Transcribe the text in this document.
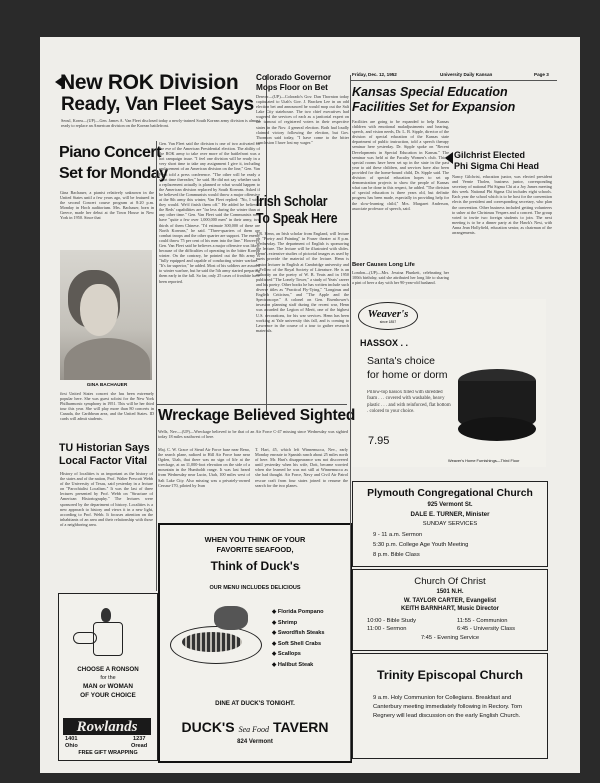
Friday, Dec. 12, 1952	University Daily Kansan	Page 3
New ROK Division
Ready, Van Fleet Says
Seoul, Korea—(UP)—Gen. James A. Van Fleet disclosed today a newly-trained South Korean army division is almost ready to replace an American division on the Korean battlefront.
Gen. Van Fleet said the division is one of two activated on the eve of the American Presidential election. The ability of the ROK army to take over more of the battlefront was a hot campaign issue. "I feel one division will be ready in a very short time to take any assignment I give it, including replacement of an American division on the line," Gen. Van Fleet told a press conference. "The other will be ready a short time thereafter," he said. He did not say whether such a replacement actually is planned or what would happen to the American division replaced by South Koreans. Asked if he believed the Communists would throw a major offensive at the 8th army this winter, Van Fleet replied: "No, I wish they would. We'd finish them off." He added he believed the Reds' capabilities are "far less during the winter than at any other time." Gen. Van Fleet said the Communists now have "quite a few over 1,000,000 men" in their army, two thirds of them Chinese. "I'd estimate 300,000 of these are North Koreans," he said. "Three-quarters of them are combat troops and the other quarter are support. The enemy could throw 75 per cent of his men into the line." However, Gen. Van Fleet said he believes a major offensive was likely because of the difficulties of operating in the bitter Korean winter. On the contrary, he pointed out the 8th army is "fully equipped and capable of conducting winter warfare." "It's far superior," he added. Most of his soldiers are assured to winter warfare, but he said the 5th army started preparing them early in the fall. So far, only 25 cases of frostbite have been reported.
Piano Concert
Set for Monday
Gina Bachauer, a pianist relatively unknown in the United States until a few years ago, will be featured in the second Concert course program at 8:20 p.m. Monday in Hoch auditorium. Mrs. Bachauer, born in Greece, made her debut at the Town House in New York in 1950. Since that
GINA BACHAUER
first United States concert she has been extremely popular here. She was guest soloist for the New York Philharmonic symphony in 1951. This will be her third tour this year. She will play more than 80 concerts in Canada, the Caribbean area, and the United States. ID cards will admit students.
TU Historian Says
Local Factor Vital
History of localities is as important as the history of the states and of the nation, Prof. Walter Prescott Webb of the University of Texas, said yesterday in a lecture on "Parochialist Localism." It was the last of three lectures presented by Prof. Webb on "Structure of American Historiography." The lectures were sponsored by the department of history. Localities is a new approach to history and views it in a new light, according to Prof. Webb. It focuses attention on the inhabitants of an area and their relationship with those of a neighboring area.
CHOOSE A RONSON
for the
MAN or WOMAN
OF YOUR CHOICE
Rowlands
1401
Ohio
1237
Oread
FREE GIFT WRAPPING
Colorado Governor
Mops Floor on Bet
Denver—(UP)—Colorado's Gov. Dan Thornton today capitulated to Utah's Gov. J. Bracken Lee in an odd election bet and announced he would mop out the Salt Lake City statehouse. The two chief executives had wagered the services of each as a janitorial expert on the turnout of registered voters in their respective states in the Nov. 4 general election. Both had loudly claimed victory following the election, but Gov. Thornton said today, "I have come to the bitter conclusion I have lost my wager."
Irish Scholar
To Speak Here
T.R. Henn, an Irish scholar from England, will lecture on "Poetry and Painting" in Fraser theater at 8 p.m. Wednesday. The department of English is sponsoring the lecture. The lecture will be illustrated with slides. Henn's extensive studies of pictorial images as used by poets provide the material of the lecture. Henn is senior lecturer in English at Cambridge university and a Fellow of the Royal Society of Literature. He is an authority on the poetry of W. B. Yeats and in 1950 published "The Lonely Tower," a study of Yeats' career and his poetry. Other books he has written include such diverse titles as "Practical Fly-Tying," "Longinus and English Criticism," and "The Apple and the Spectroscope." A colonel on Gen. Eisenhower's invasion planning staff during the recent war, Henn was awarded the Legion of Merit, one of the highest U.S. decorations, for his war services. Henn has been working at Yale university this fall, and is coming to Lawrence in the course of a tour to gather research materials.
Kansas Special Education
Facilities Set for Expansion
Facilities are going to be expanded to help Kansas children with emotional maladjustments and hearing, speech, and vision needs, Dr. L. B. Sipple, director of the division of special education of the Kansas state department of public instruction, told a speech therapy seminar here yesterday. Dr. Sipple spoke on "Recent Developments in Special Education in Kansas." The seminar was held at the Faculty Women's club. Thirty special rooms have been set up in the state in the past year to aid these children, and services have also been provided for the home-bound child, Dr. Sipple said. The division of special education hopes to set up demonstration projects to show the people of Kansas what can be done in this respect, he added. "The division of special education is three years old, but definite progress has been made, especially in providing help for the slow-learning child," Mrs. Margaret Anderson, associate professor of speech, said.
Beer Causes Long Life
London—(UP)—Mrs. Jessina Plunkett, celebrating her 100th birthday, said she attributed her long life to sharing a pint of beer a day with her 90-year-old husband.
Gilchrist Elected
Phi Sigma Chi Head
Nancy Gilchrist, education junior, was elected president and Vernie Tholen, business junior, corresponding secretary of national Phi Sigma Chi at a Joy James meeting this week. National Phi Sigma Chi includes eight schools. Each year the school which is to be host for the convention elects the president and corresponding secretary, who plan the convention. Other business included getting volunteers to usher at the Christmas Vespers and a concert. The group voted to invite two foreign students to join. The next meeting is to be a dinner party at the Hawk's Nest, with Anna Jean Hollyfield, education senior, as chairman of the arrangements.
Weaver's
since 1857
HASSOX . .
Santa's choice
for home or dorm
Pillow-top hassox filled with shredded foam . . . covered with washable, heavy plastic . . . and with reinforced, flat bottom . colored to your choice.
7.95
Weaver's Home Furnishings—Third Floor
Wreckage Believed Sighted
Wells, Nev.—(UP)—Wreckage believed to be that of an Air Force C-47 missing since Wednesday was sighted today 18 miles southwest of here.
Maj. C. W. Grace of Stead Air Force base near Reno, the search plane, radioed to Hill Air Force base near Ogden, Utah, that there was no sign of life at the wreckage, at an 11,000-foot elevation on the side of a mountain in the Humboldt range. It was last heard from Wednesday near Lucin, Utah, 100 miles west of Salt Lake City. Also missing was a privately-owned Cessna-170, piloted by Ivan
T. Hart, 45, which left Winnemucca, Nev., early Monday enroute to Spanish ranch about 25 miles north of here. Mr. Hart's disappearance was not discovered until yesterday when his wife, Dott, became worried when she learned he was not still at Winnemucca as she had thought. Air Force, Navy and Civil Air Patrol rescue craft from four states joined to resume the search for the two planes.
WHEN YOU THINK OF YOUR
FAVORITE SEAFOOD,
Think of Duck's
OUR MENU INCLUDES DELICIOUS
◆ Florida Pompano
◆ Shrimp
◆ Swordfish Steaks
◆ Soft Shell Crabs
◆ Scallops
◆ Halibut Steak
DINE AT DUCK'S TONIGHT.
DUCK'S Sea Food TAVERN
824 Vermont
Plymouth Congregational Church
925 Vermont St.
DALE E. TURNER, Minister
SUNDAY SERVICES
9 - 11 a.m. Sermon
5:30 p.m. College Age Youth Meeting
8 p.m. Bible Class
Church Of Christ
1501 N.H.
W. TAYLOR CARTER, Evangelist
KEITH BARNHART, Music Director
10:00 - Bible Study	11:55 - Communion
11:00 - Sermon	6:45 - University Class
7:45 - Evening Service
Trinity Episcopal Church
9 a.m. Holy Communion for Collegians. Breakfast and Canterbury meeting immediately following in Rectory. Tom Regnery will lead discussion on the early English Church.
